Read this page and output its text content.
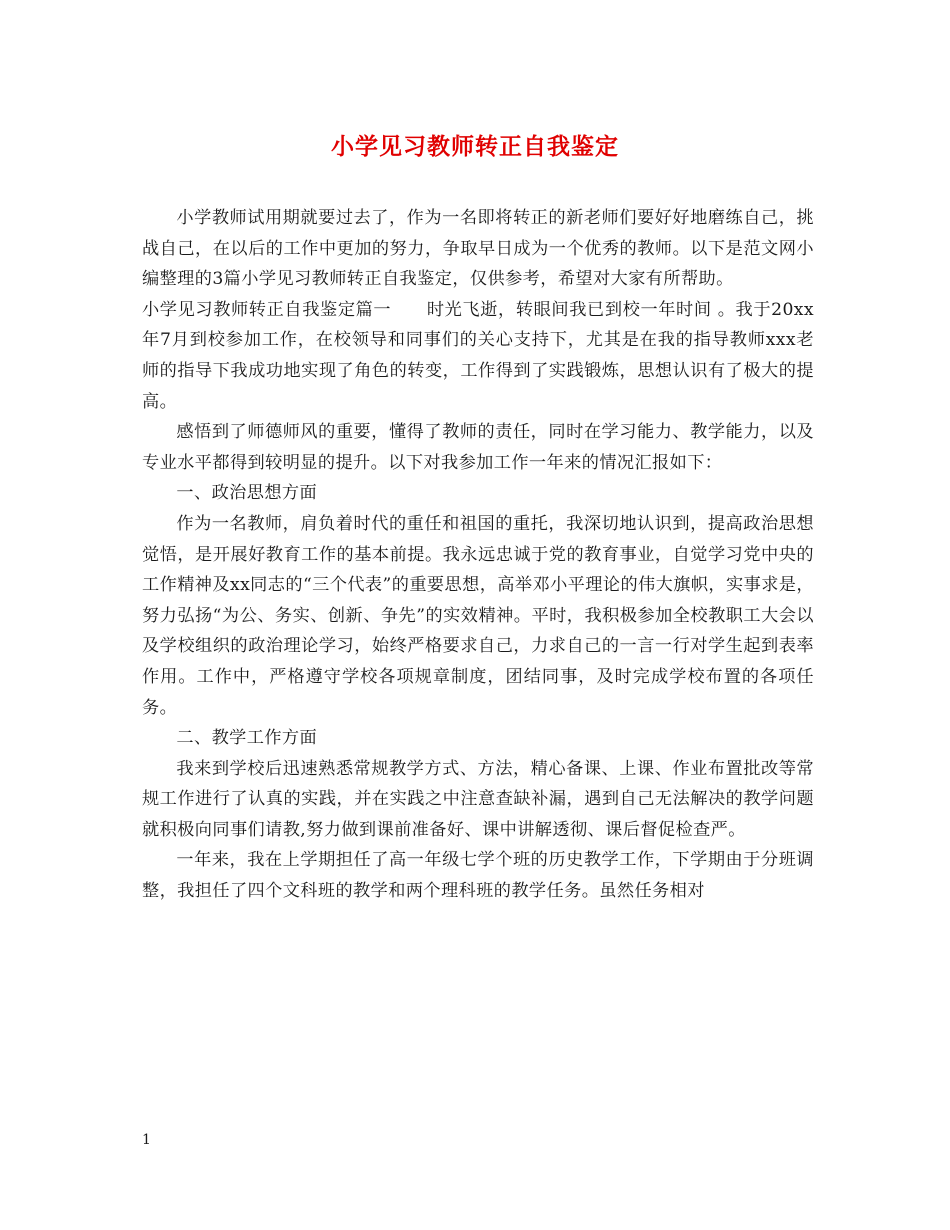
小学见习教师转正自我鉴定

小学教师试用期就要过去了，作为一名即将转正的新老师们要好好地磨练自己，挑战自己，在以后的工作中更加的努力，争取早日成为一个优秀的教师。以下是范文网小编整理的3篇小学见习教师转正自我鉴定，仅供参考，希望对大家有所帮助。

小学见习教师转正自我鉴定篇一　　时光飞逝，转眼间我已到校一年时间 。我于20xx年7月到校参加工作，在校领导和同事们的关心支持下，尤其是在我的指导教师xxx老师的指导下我成功地实现了角色的转变，工作得到了实践锻炼，思想认识有了极大的提高。

感悟到了师德师风的重要，懂得了教师的责任，同时在学习能力、教学能力，以及专业水平都得到较明显的提升。以下对我参加工作一年来的情况汇报如下：

一、政治思想方面

作为一名教师，肩负着时代的重任和祖国的重托，我深切地认识到，提高政治思想觉悟，是开展好教育工作的基本前提。我永远忠诚于党的教育事业，自觉学习党中央的工作精神及xx同志的“三个代表”的重要思想，高举邓小平理论的伟大旗帜，实事求是，努力弘扬“为公、务实、创新、争先”的实效精神。平时，我积极参加全校教职工大会以及学校组织的政治理论学习，始终严格要求自己，力求自己的一言一行对学生起到表率作用。工作中，严格遵守学校各项规章制度，团结同事，及时完成学校布置的各项任务。

二、教学工作方面

我来到学校后迅速熟悉常规教学方式、方法，精心备课、上课、作业布置批改等常规工作进行了认真的实践，并在实践之中注意查缺补漏，遇到自己无法解决的教学问题就积极向同事们请教,努力做到课前准备好、课中讲解透彻、课后督促检查严。

一年来，我在上学期担任了高一年级七学个班的历史教学工作，下学期由于分班调整，我担任了四个文科班的教学和两个理科班的教学任务。虽然任务相对

1
